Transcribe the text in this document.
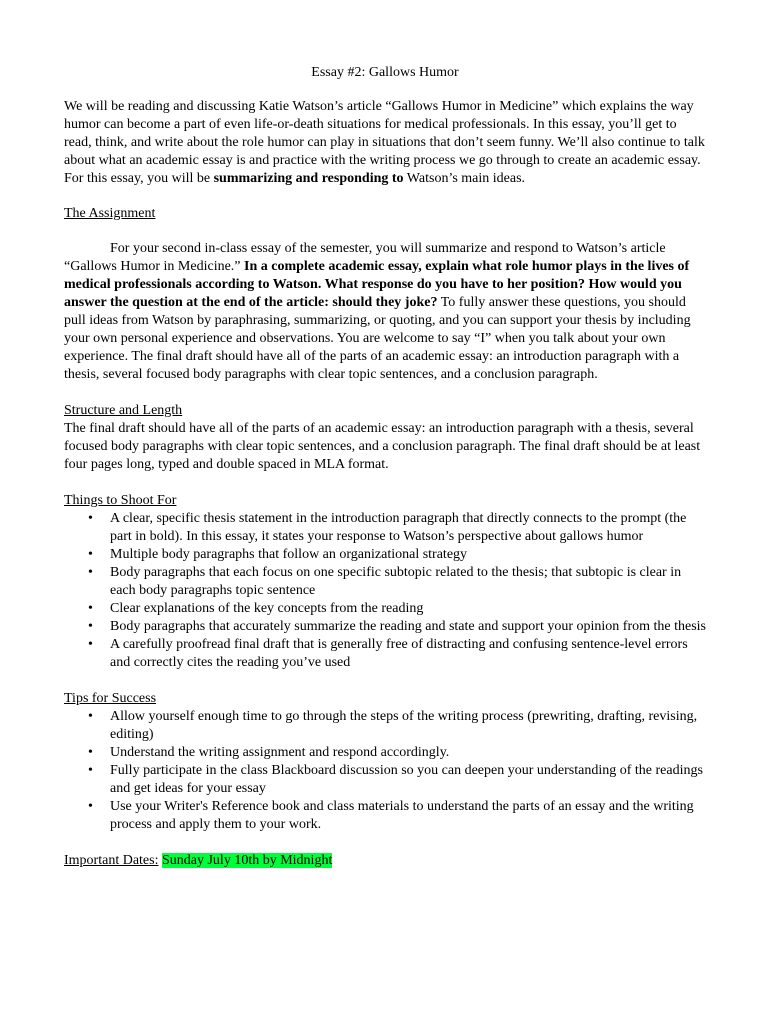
Essay #2: Gallows Humor

We will be reading and discussing Katie Watson’s article “Gallows Humor in Medicine” which explains the way humor can become a part of even life-or-death situations for medical professionals. In this essay, you’ll get to read, think, and write about the role humor can play in situations that don’t seem funny. We’ll also continue to talk about what an academic essay is and practice with the writing process we go through to create an academic essay. For this essay, you will be summarizing and responding to Watson’s main ideas.

The Assignment

For your second in-class essay of the semester, you will summarize and respond to Watson’s article “Gallows Humor in Medicine.” In a complete academic essay, explain what role humor plays in the lives of medical professionals according to Watson. What response do you have to her position? How would you answer the question at the end of the article: should they joke? To fully answer these questions, you should pull ideas from Watson by paraphrasing, summarizing, or quoting, and you can support your thesis by including your own personal experience and observations. You are welcome to say “I” when you talk about your own experience. The final draft should have all of the parts of an academic essay: an introduction paragraph with a thesis, several focused body paragraphs with clear topic sentences, and a conclusion paragraph.

Structure and Length

The final draft should have all of the parts of an academic essay: an introduction paragraph with a thesis, several focused body paragraphs with clear topic sentences, and a conclusion paragraph. The final draft should be at least four pages long, typed and double spaced in MLA format.

Things to Shoot For

• A clear, specific thesis statement in the introduction paragraph that directly connects to the prompt (the part in bold). In this essay, it states your response to Watson’s perspective about gallows humor
• Multiple body paragraphs that follow an organizational strategy
• Body paragraphs that each focus on one specific subtopic related to the thesis; that subtopic is clear in each body paragraphs topic sentence
• Clear explanations of the key concepts from the reading
• Body paragraphs that accurately summarize the reading and state and support your opinion from the thesis
• A carefully proofread final draft that is generally free of distracting and confusing sentence-level errors and correctly cites the reading you’ve used

Tips for Success

• Allow yourself enough time to go through the steps of the writing process (prewriting, drafting, revising, editing)
• Understand the writing assignment and respond accordingly.
• Fully participate in the class Blackboard discussion so you can deepen your understanding of the readings and get ideas for your essay
• Use your Writer's Reference book and class materials to understand the parts of an essay and the writing process and apply them to your work.

Important Dates: Sunday July 10th by Midnight
